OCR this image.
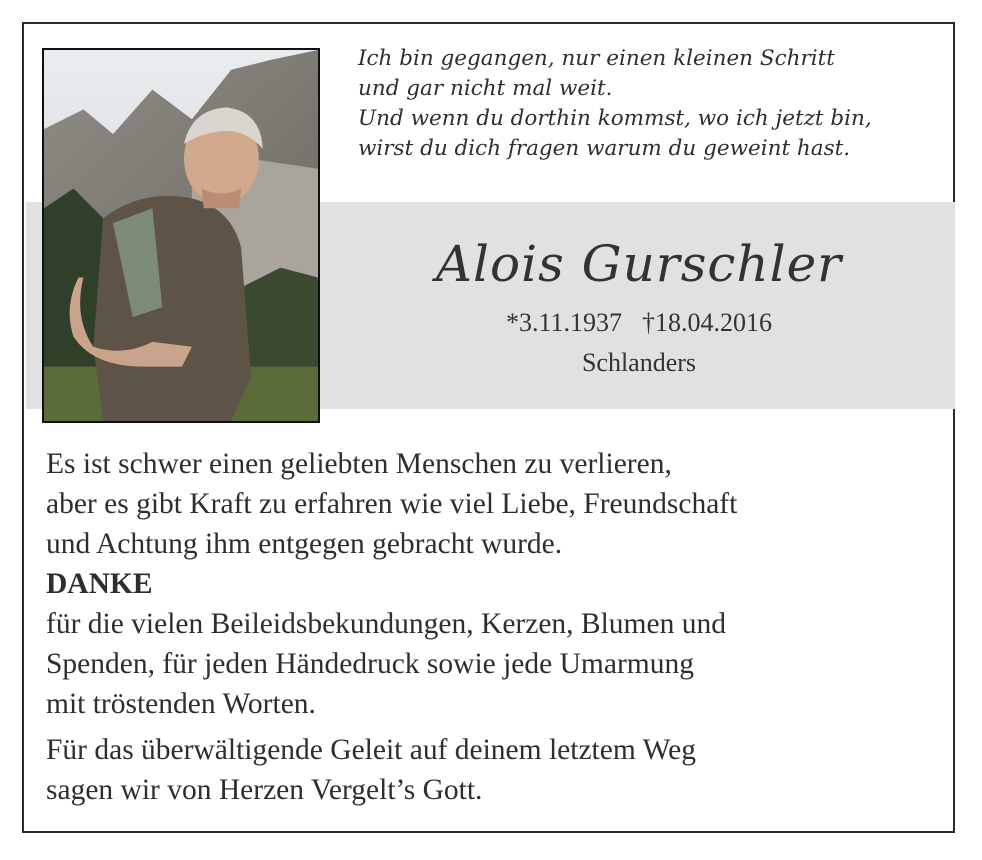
Ich bin gegangen, nur einen kleinen Schritt
und gar nicht mal weit.
Und wenn du dorthin kommst, wo ich jetzt bin,
wirst du dich fragen warum du geweint hast.
Alois Gurschler
*3.11.1937 †18.04.2016
Schlanders
Es ist schwer einen geliebten Menschen zu verlieren,
aber es gibt Kraft zu erfahren wie viel Liebe, Freundschaft
und Achtung ihm entgegen gebracht wurde.
DANKE
für die vielen Beileidsbekundungen, Kerzen, Blumen und
Spenden, für jeden Händedruck sowie jede Umarmung
mit tröstenden Worten.
Für das überwältigende Geleit auf deinem letztem Weg
sagen wir von Herzen Vergelt’s Gott.
